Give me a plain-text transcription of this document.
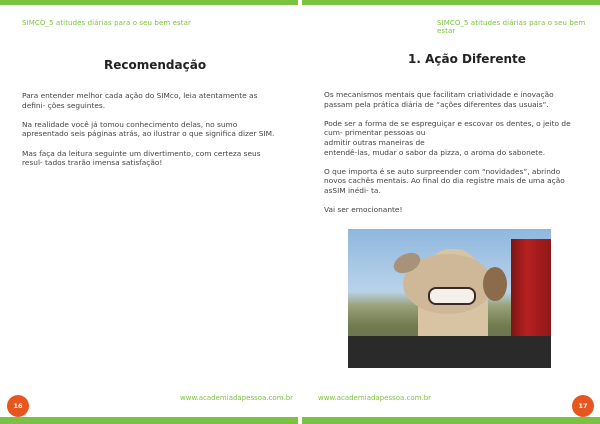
SIMCO_5 atitudes diárias para o seu bem estar
Recomendação

Para entender melhor cada ação do SIMco, leia atentamente as defini- ções seguintes.

Na realidade você já tomou conhecimento delas, no sumo apresentado seis páginas atrás, ao ilustrar o que significa dizer SIM.

Mas faça da leitura seguinte um divertimento, com certeza seus resul- tados trarão imensa satisfação!

www.academiadapessoa.com.br
16
SIMCO_5 atitudes diárias para o seu bem estar
1. Ação Diferente

Os mecanismos mentais que facilitam criatividade e inovação passam pela prática diária de “ações diferentes das usuais”.

Pode ser a forma de se espreguiçar e escovar os dentes, o jeito de cum- primentar pessoas ou
admitir outras maneiras de
entendê-las, mudar o sabor da pizza, o aroma do sabonete.

O que importa é se auto surpreender com “novidades”, abrindo novos cachês mentais. Ao final do dia registre mais de uma ação asSIM inédi- ta.

Vai ser emocionante!

www.academiadapessoa.com.br
17
